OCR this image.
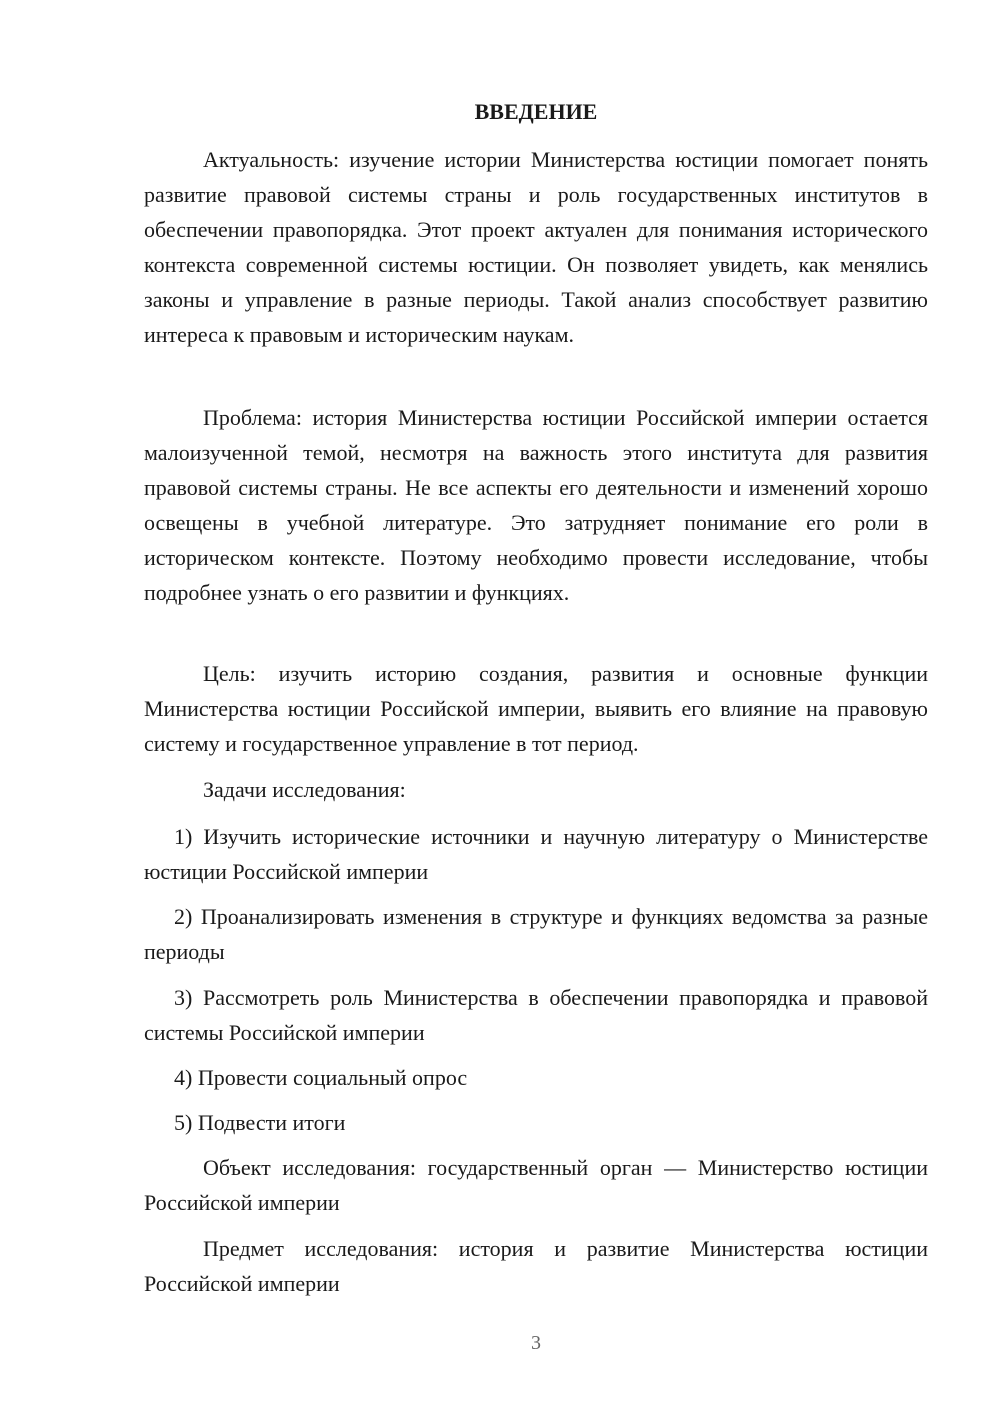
ВВЕДЕНИЕ

Актуальность: изучение истории Министерства юстиции помогает понять развитие правовой системы страны и роль государственных институтов в обеспечении правопорядка. Этот проект актуален для понимания исторического контекста современной системы юстиции. Он позволяет увидеть, как менялись законы и управление в разные периоды. Такой анализ способствует развитию интереса к правовым и историческим наукам.

Проблема: история Министерства юстиции Российской империи остается малоизученной темой, несмотря на важность этого института для развития правовой системы страны. Не все аспекты его деятельности и изменений хорошо освещены в учебной литературе. Это затрудняет понимание его роли в историческом контексте. Поэтому необходимо провести исследование, чтобы подробнее узнать о его развитии и функциях.

Цель: изучить историю создания, развития и основные функции Министерства юстиции Российской империи, выявить его влияние на правовую систему и государственное управление в тот период.

Задачи исследования:

1) Изучить исторические источники и научную литературу о Министерстве юстиции Российской империи

2) Проанализировать изменения в структуре и функциях ведомства за разные периоды

3) Рассмотреть роль Министерства в обеспечении правопорядка и правовой системы Российской империи

4) Провести социальный опрос

5) Подвести итоги

Объект исследования: государственный орган — Министерство юстиции Российской империи

Предмет исследования: история и развитие Министерства юстиции Российской империи

3
